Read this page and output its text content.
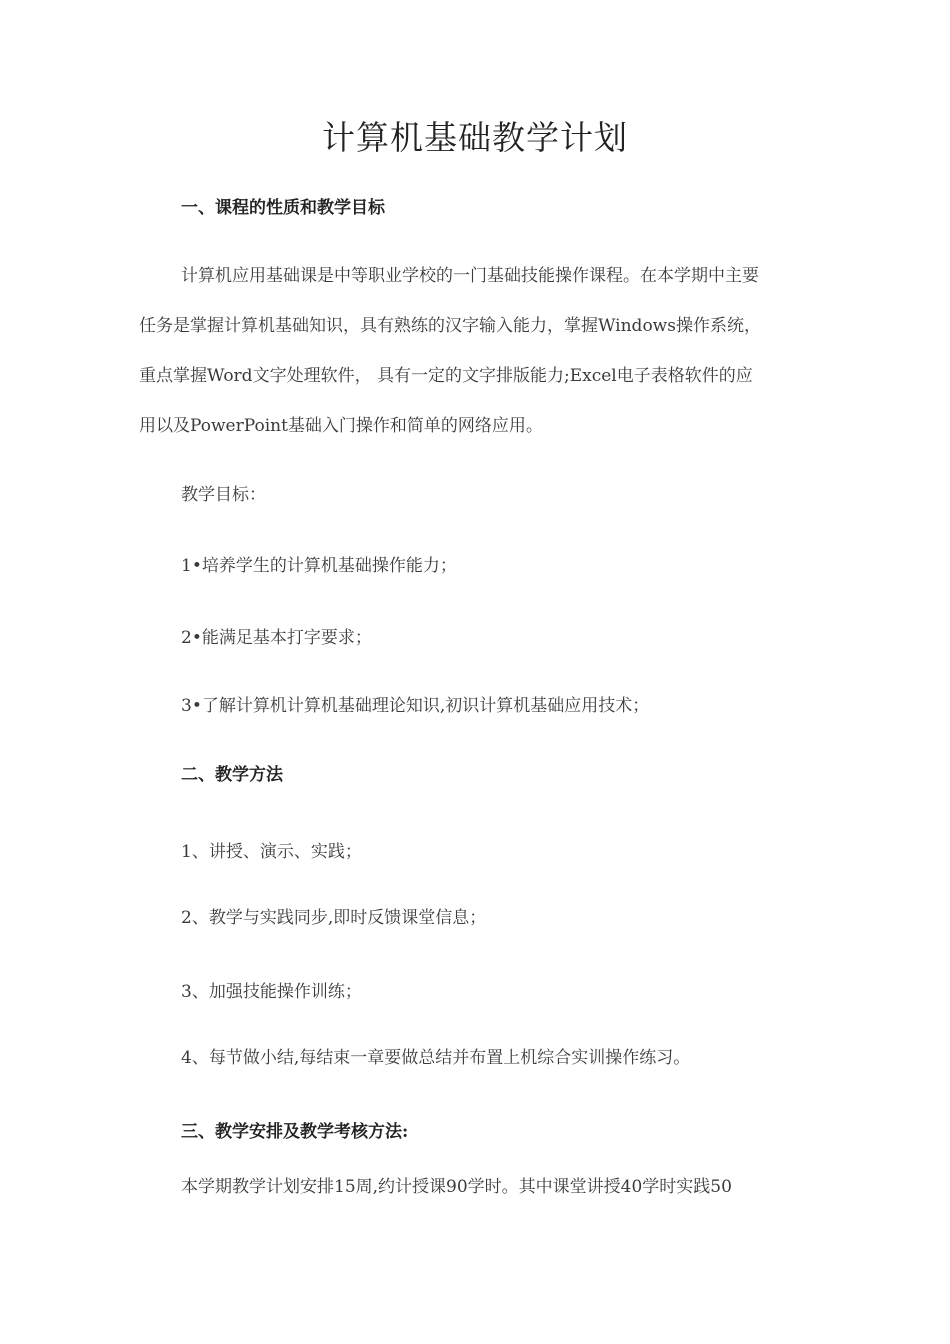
计算机基础教学计划
一、课程的性质和教学目标
计算机应用基础课是中等职业学校的一门基础技能操作课程。在本学期中主要
任务是掌握计算机基础知识，具有熟练的汉字输入能力，掌握Windows操作系统，
重点掌握Word文字处理软件， 具有一定的文字排版能力;Excel电子表格软件的应
用以及PowerPoint基础入门操作和简单的网络应用。
教学目标：
1•培养学生的计算机基础操作能力；
2•能满足基本打字要求；
3•了解计算机计算机基础理论知识,初识计算机基础应用技术；
二、教学方法
1、讲授、演示、实践；
2、教学与实践同步,即时反馈课堂信息；
3、加强技能操作训练；
4、每节做小结,每结束一章要做总结并布置上机综合实训操作练习。
三、教学安排及教学考核方法:
本学期教学计划安排15周,约计授课90学时。其中课堂讲授40学时实践50
